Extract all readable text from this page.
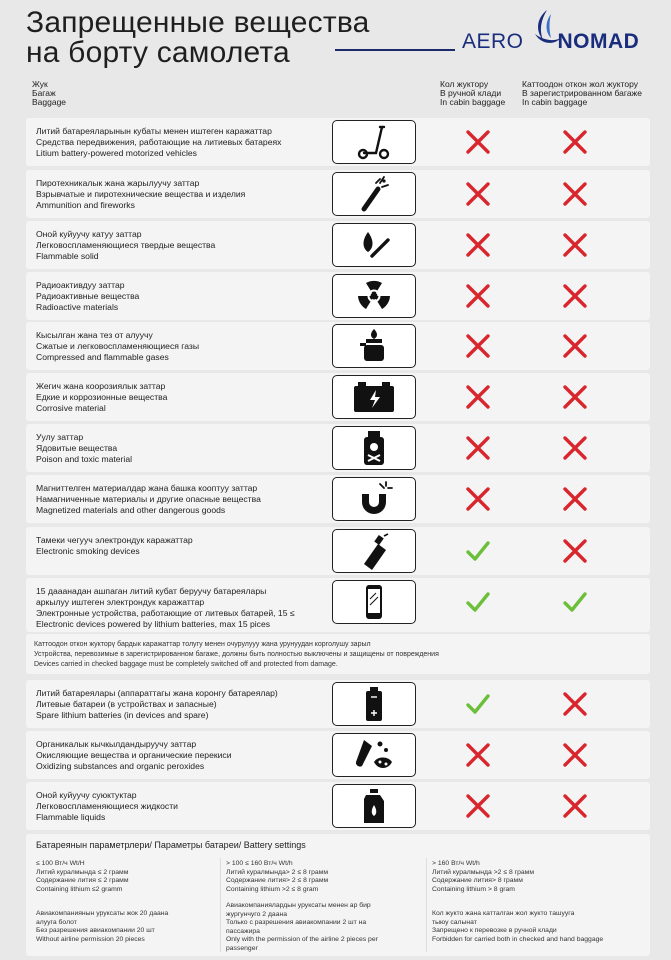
Запрещенные вещества
на борту самолета	AERO NOMAD
Жук
Багаж
Baggage
Кол жуктору
В ручной клади
In cabin baggage
Каттоодон откон жол жуктору
В зарегистрированном багаже
In cabin baggage
Литий батареяларынын кубаты менен иштеген каражаттар
Средства передвижения, работающие на литиевых батареях
Litium battery-powered motorized vehicles
Пиротехникалык жана жарылуучу заттар
Взрывчатые и пиротехнические вещества и изделия
Ammunition and fireworks
Оной куйуучу катуу заттар
Легковоспламеняющиеся твердые вещества
Flammable solid
Радиоактивдуу заттар
Радиоактивные вещества
Radioactive materials
Кысылган жана тез от алуучу
Сжатые и легковоспламеняющиеся газы
Compressed and flammable gases
Жегич жана коорозиялык заттар
Едкие и коррозионные вещества
Corrosive material
Уулу заттар
Ядовитые вещества
Poison and toxic material
Магниттелген материалдар жана башка кооптуу заттар
Намагниченные материалы и другие опасные вещества
Magnetized materials and other dangerous goods
Тамеки чегууч электрондук каражаттар
Electronic smoking devices
15 дааанадан ашпаган литий кубат беруучу батареялары
аркылуу иштеген электрондук каражаттар
Электронные устройства, работающие от литевых батарей, 15 ≤
Electronic devices powered by lithium batteries, max 15 pices
Каттоодон откон жукторү бардык каражаттар толугу менен очурулууу жана урунуудан корголушу зарыл
Устройства, перевозимые в зарегистрированном багаже, должны быть полностью выключены и защищены от повреждения
Devices carried in checked baggage must be completely switched off and protected from damage.
Литий батареялары (аппараттагы жана коронгу батареялар)
Литевые батареи (в устройствах и запасные)
Spare lithium batteries (in devices and spare)
Органикалык кычкылдандыруучу заттар
Окисляющие вещества и органические перекиси
Oxidizing substances and organic peroxides
Оной куйуучу суюктуктар
Легковоспламеняющиеся жидкости
Flammable liquids
Батареянын параметрлери/ Параметры батареи/ Battery settings
≤ 100 Вт/ч Wt/H
Литий куралмында ≤ 2 грамм
Содержание лития ≤ 2 грамм
Containing lithium ≤2 gramm
> 100 ≤ 160 Вт/ч Wt/h
Литий куралмында> 2 ≤ 8 грамм
Содержание лития> 2 ≤ 8 грамм
Containing lithium >2 ≤ 8 gram
> 160 Вт/ч Wt/h
Литий куралмында >2 ≤ 8 грамм
Содержание лития> 8 грамм
Containing lithium > 8 gram
Авиакомпаниянын уруксаты жок 20 даана
алууга болот
Без разрешения авиакомпании 20 шт
Without airline permission 20 pieces
Авиакомпаниялардын уруксаты менен ар бир
жургунчуго 2 даана
Только с разрешения авиакомпании 2 шт на
пассажира
Only with the permission of the airline 2 pieces per
passenger
Кол жукто жана катталган жол жукто ташууга
тыюу салынат
Запрещено к перевозке в ручной клади
Forbidden for carried both in checked and hand baggage
